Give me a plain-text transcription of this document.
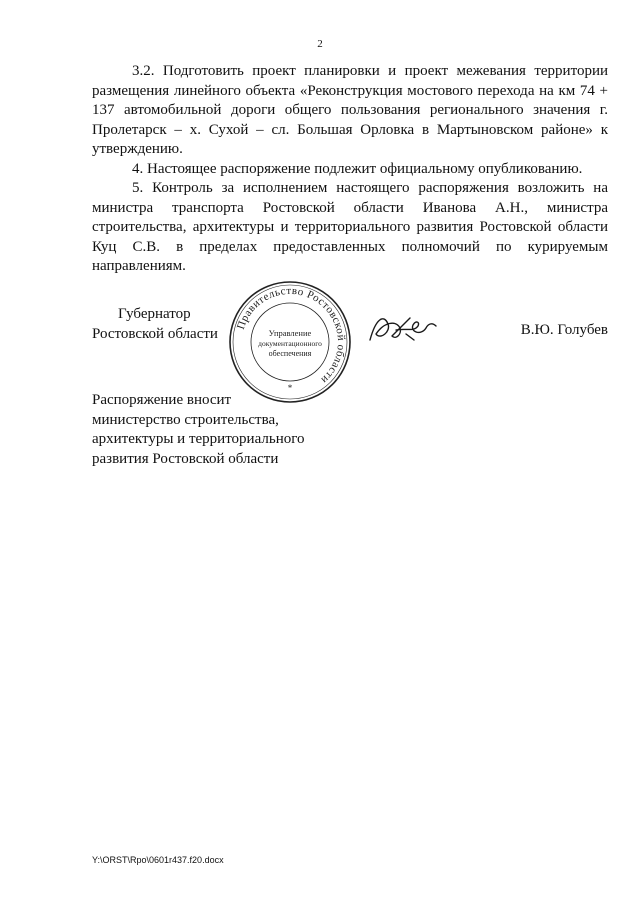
2

3.2. Подготовить проект планировки и проект межевания территории размещения линейного объекта «Реконструкция мостового перехода на км 74 + 137 автомобильной дороги общего пользования регионального значения г. Пролетарск – х. Сухой – сл. Большая Орловка в Мартыновском районе» к утверждению.

4. Настоящее распоряжение подлежит официальному опубликованию.

5. Контроль за исполнением настоящего распоряжения возложить на министра транспорта Ростовской области Иванова А.Н., министра строительства, архитектуры и территориального развития Ростовской области Куц С.В. в пределах предоставленных полномочий по курируемым направлениям.

Губернатор
Ростовской области
Правительство Ростовской области
Управление
документационного
обеспечения
*
В.Ю. Голубев
Распоряжение вносит
министерство строительства,
архитектуры и территориального
развития Ростовской области
Y:\ORST\Rpo\0601r437.f20.docx
